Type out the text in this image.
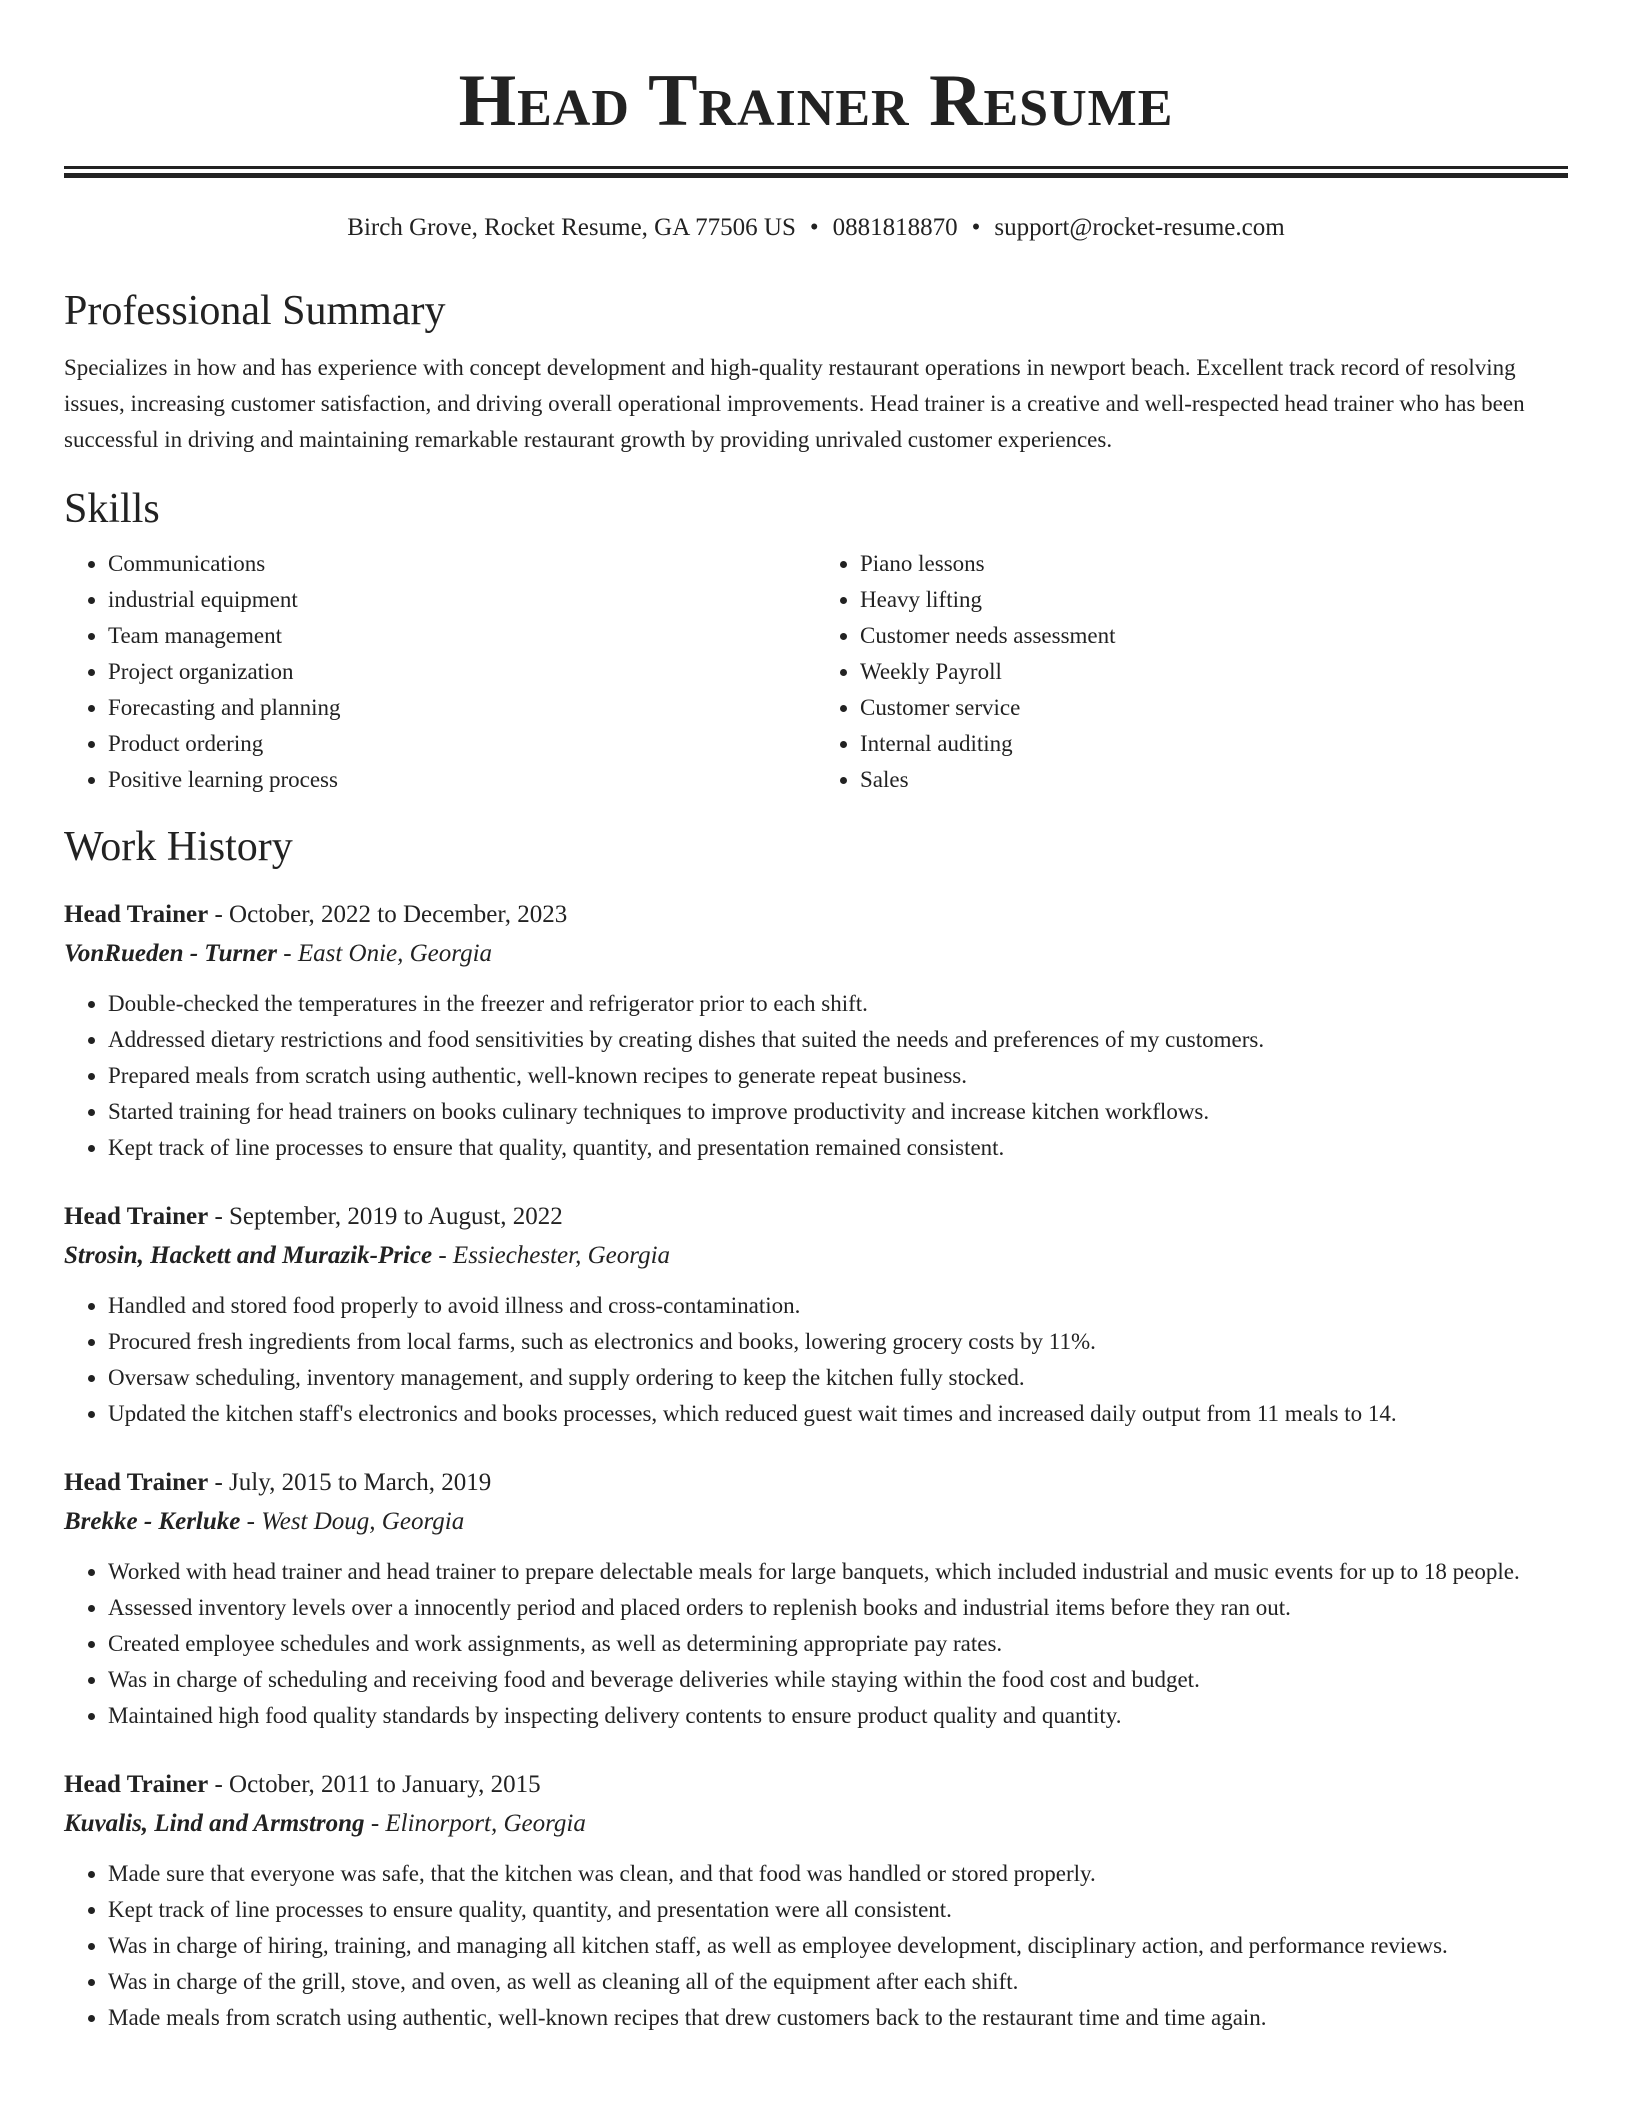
Head Trainer Resume
Birch Grove, Rocket Resume, GA 77506 US • 0881818870 • support@rocket-resume.com
Professional Summary

Specializes in how and has experience with concept development and high-quality restaurant operations in newport beach. Excellent track record of resolving issues, increasing customer satisfaction, and driving overall operational improvements. Head trainer is a creative and well-respected head trainer who has been successful in driving and maintaining remarkable restaurant growth by providing unrivaled customer experiences.

Skills
• Communications
• industrial equipment
• Team management
• Project organization
• Forecasting and planning
• Product ordering
• Positive learning process
• Piano lessons
• Heavy lifting
• Customer needs assessment
• Weekly Payroll
• Customer service
• Internal auditing
• Sales
Work History
Head Trainer - October, 2022 to December, 2023
VonRueden - Turner - East Onie, Georgia
• Double-checked the temperatures in the freezer and refrigerator prior to each shift.
• Addressed dietary restrictions and food sensitivities by creating dishes that suited the needs and preferences of my customers.
• Prepared meals from scratch using authentic, well-known recipes to generate repeat business.
• Started training for head trainers on books culinary techniques to improve productivity and increase kitchen workflows.
• Kept track of line processes to ensure that quality, quantity, and presentation remained consistent.
Head Trainer - September, 2019 to August, 2022
Strosin, Hackett and Murazik-Price - Essiechester, Georgia
• Handled and stored food properly to avoid illness and cross-contamination.
• Procured fresh ingredients from local farms, such as electronics and books, lowering grocery costs by 11%.
• Oversaw scheduling, inventory management, and supply ordering to keep the kitchen fully stocked.
• Updated the kitchen staff's electronics and books processes, which reduced guest wait times and increased daily output from 11 meals to 14.
Head Trainer - July, 2015 to March, 2019
Brekke - Kerluke - West Doug, Georgia
• Worked with head trainer and head trainer to prepare delectable meals for large banquets, which included industrial and music events for up to 18 people.
• Assessed inventory levels over a innocently period and placed orders to replenish books and industrial items before they ran out.
• Created employee schedules and work assignments, as well as determining appropriate pay rates.
• Was in charge of scheduling and receiving food and beverage deliveries while staying within the food cost and budget.
• Maintained high food quality standards by inspecting delivery contents to ensure product quality and quantity.
Head Trainer - October, 2011 to January, 2015
Kuvalis, Lind and Armstrong - Elinorport, Georgia
• Made sure that everyone was safe, that the kitchen was clean, and that food was handled or stored properly.
• Kept track of line processes to ensure quality, quantity, and presentation were all consistent.
• Was in charge of hiring, training, and managing all kitchen staff, as well as employee development, disciplinary action, and performance reviews.
• Was in charge of the grill, stove, and oven, as well as cleaning all of the equipment after each shift.
• Made meals from scratch using authentic, well-known recipes that drew customers back to the restaurant time and time again.
